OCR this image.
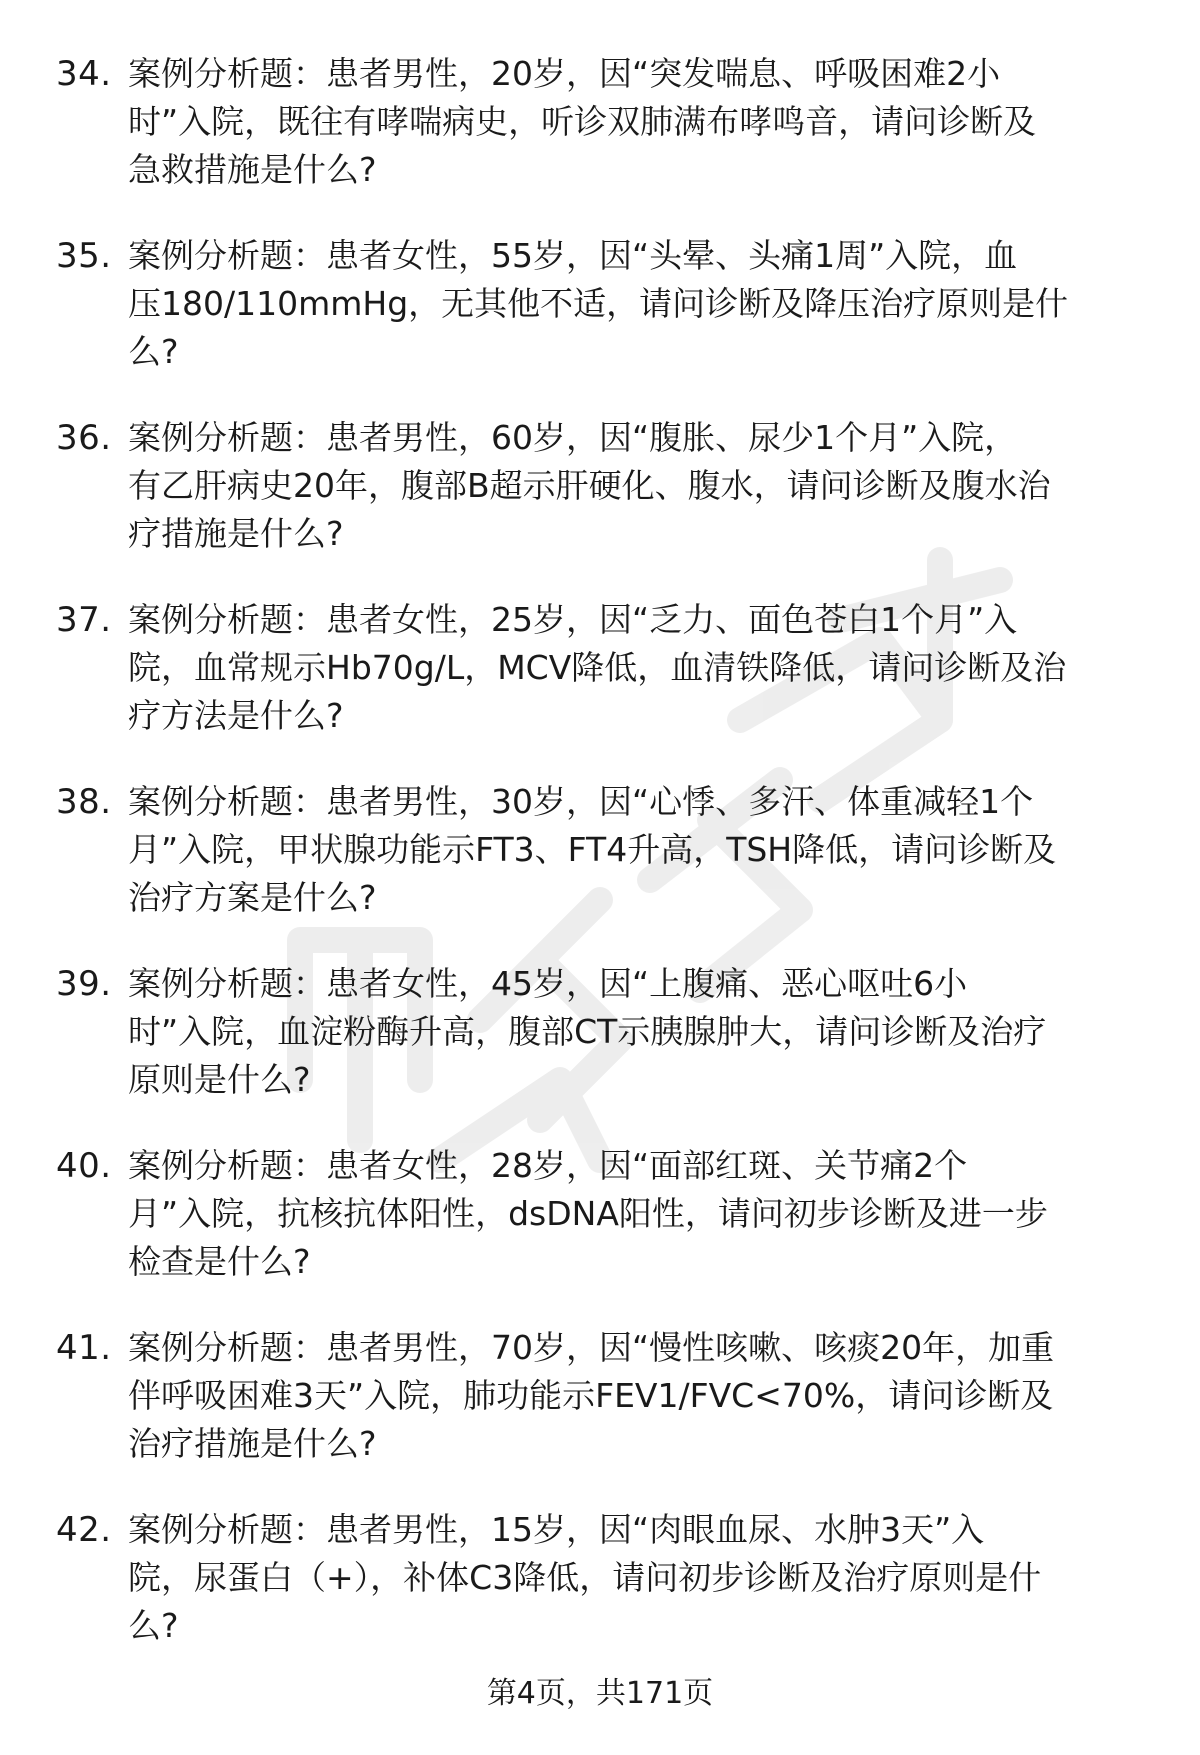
34. 案例分析题：患者男性，20岁，因“突发喘息、呼吸困难2小
时”入院，既往有哮喘病史，听诊双肺满布哮鸣音，请问诊断及
急救措施是什么?
35. 案例分析题：患者女性，55岁，因“头晕、头痛1周”入院，血
压180/110mmHg，无其他不适，请问诊断及降压治疗原则是什
么?
36. 案例分析题：患者男性，60岁，因“腹胀、尿少1个月”入院，
有乙肝病史20年，腹部B超示肝硬化、腹水，请问诊断及腹水治
疗措施是什么?
37. 案例分析题：患者女性，25岁，因“乏力、面色苍白1个月”入
院，血常规示Hb70g/L，MCV降低，血清铁降低，请问诊断及治
疗方法是什么?
38. 案例分析题：患者男性，30岁，因“心悸、多汗、体重减轻1个
月”入院，甲状腺功能示FT3、FT4升高，TSH降低，请问诊断及
治疗方案是什么?
39. 案例分析题：患者女性，45岁，因“上腹痛、恶心呕吐6小
时”入院，血淀粉酶升高，腹部CT示胰腺肿大，请问诊断及治疗
原则是什么?
40. 案例分析题：患者女性，28岁，因“面部红斑、关节痛2个
月”入院，抗核抗体阳性，dsDNA阳性，请问初步诊断及进一步
检查是什么?
41. 案例分析题：患者男性，70岁，因“慢性咳嗽、咳痰20年，加重
伴呼吸困难3天”入院，肺功能示FEV1/FVC<70%，请问诊断及
治疗措施是什么?
42. 案例分析题：患者男性，15岁，因“肉眼血尿、水肿3天”入
院，尿蛋白（+），补体C3降低，请问初步诊断及治疗原则是什
么?
第4页，共171页
